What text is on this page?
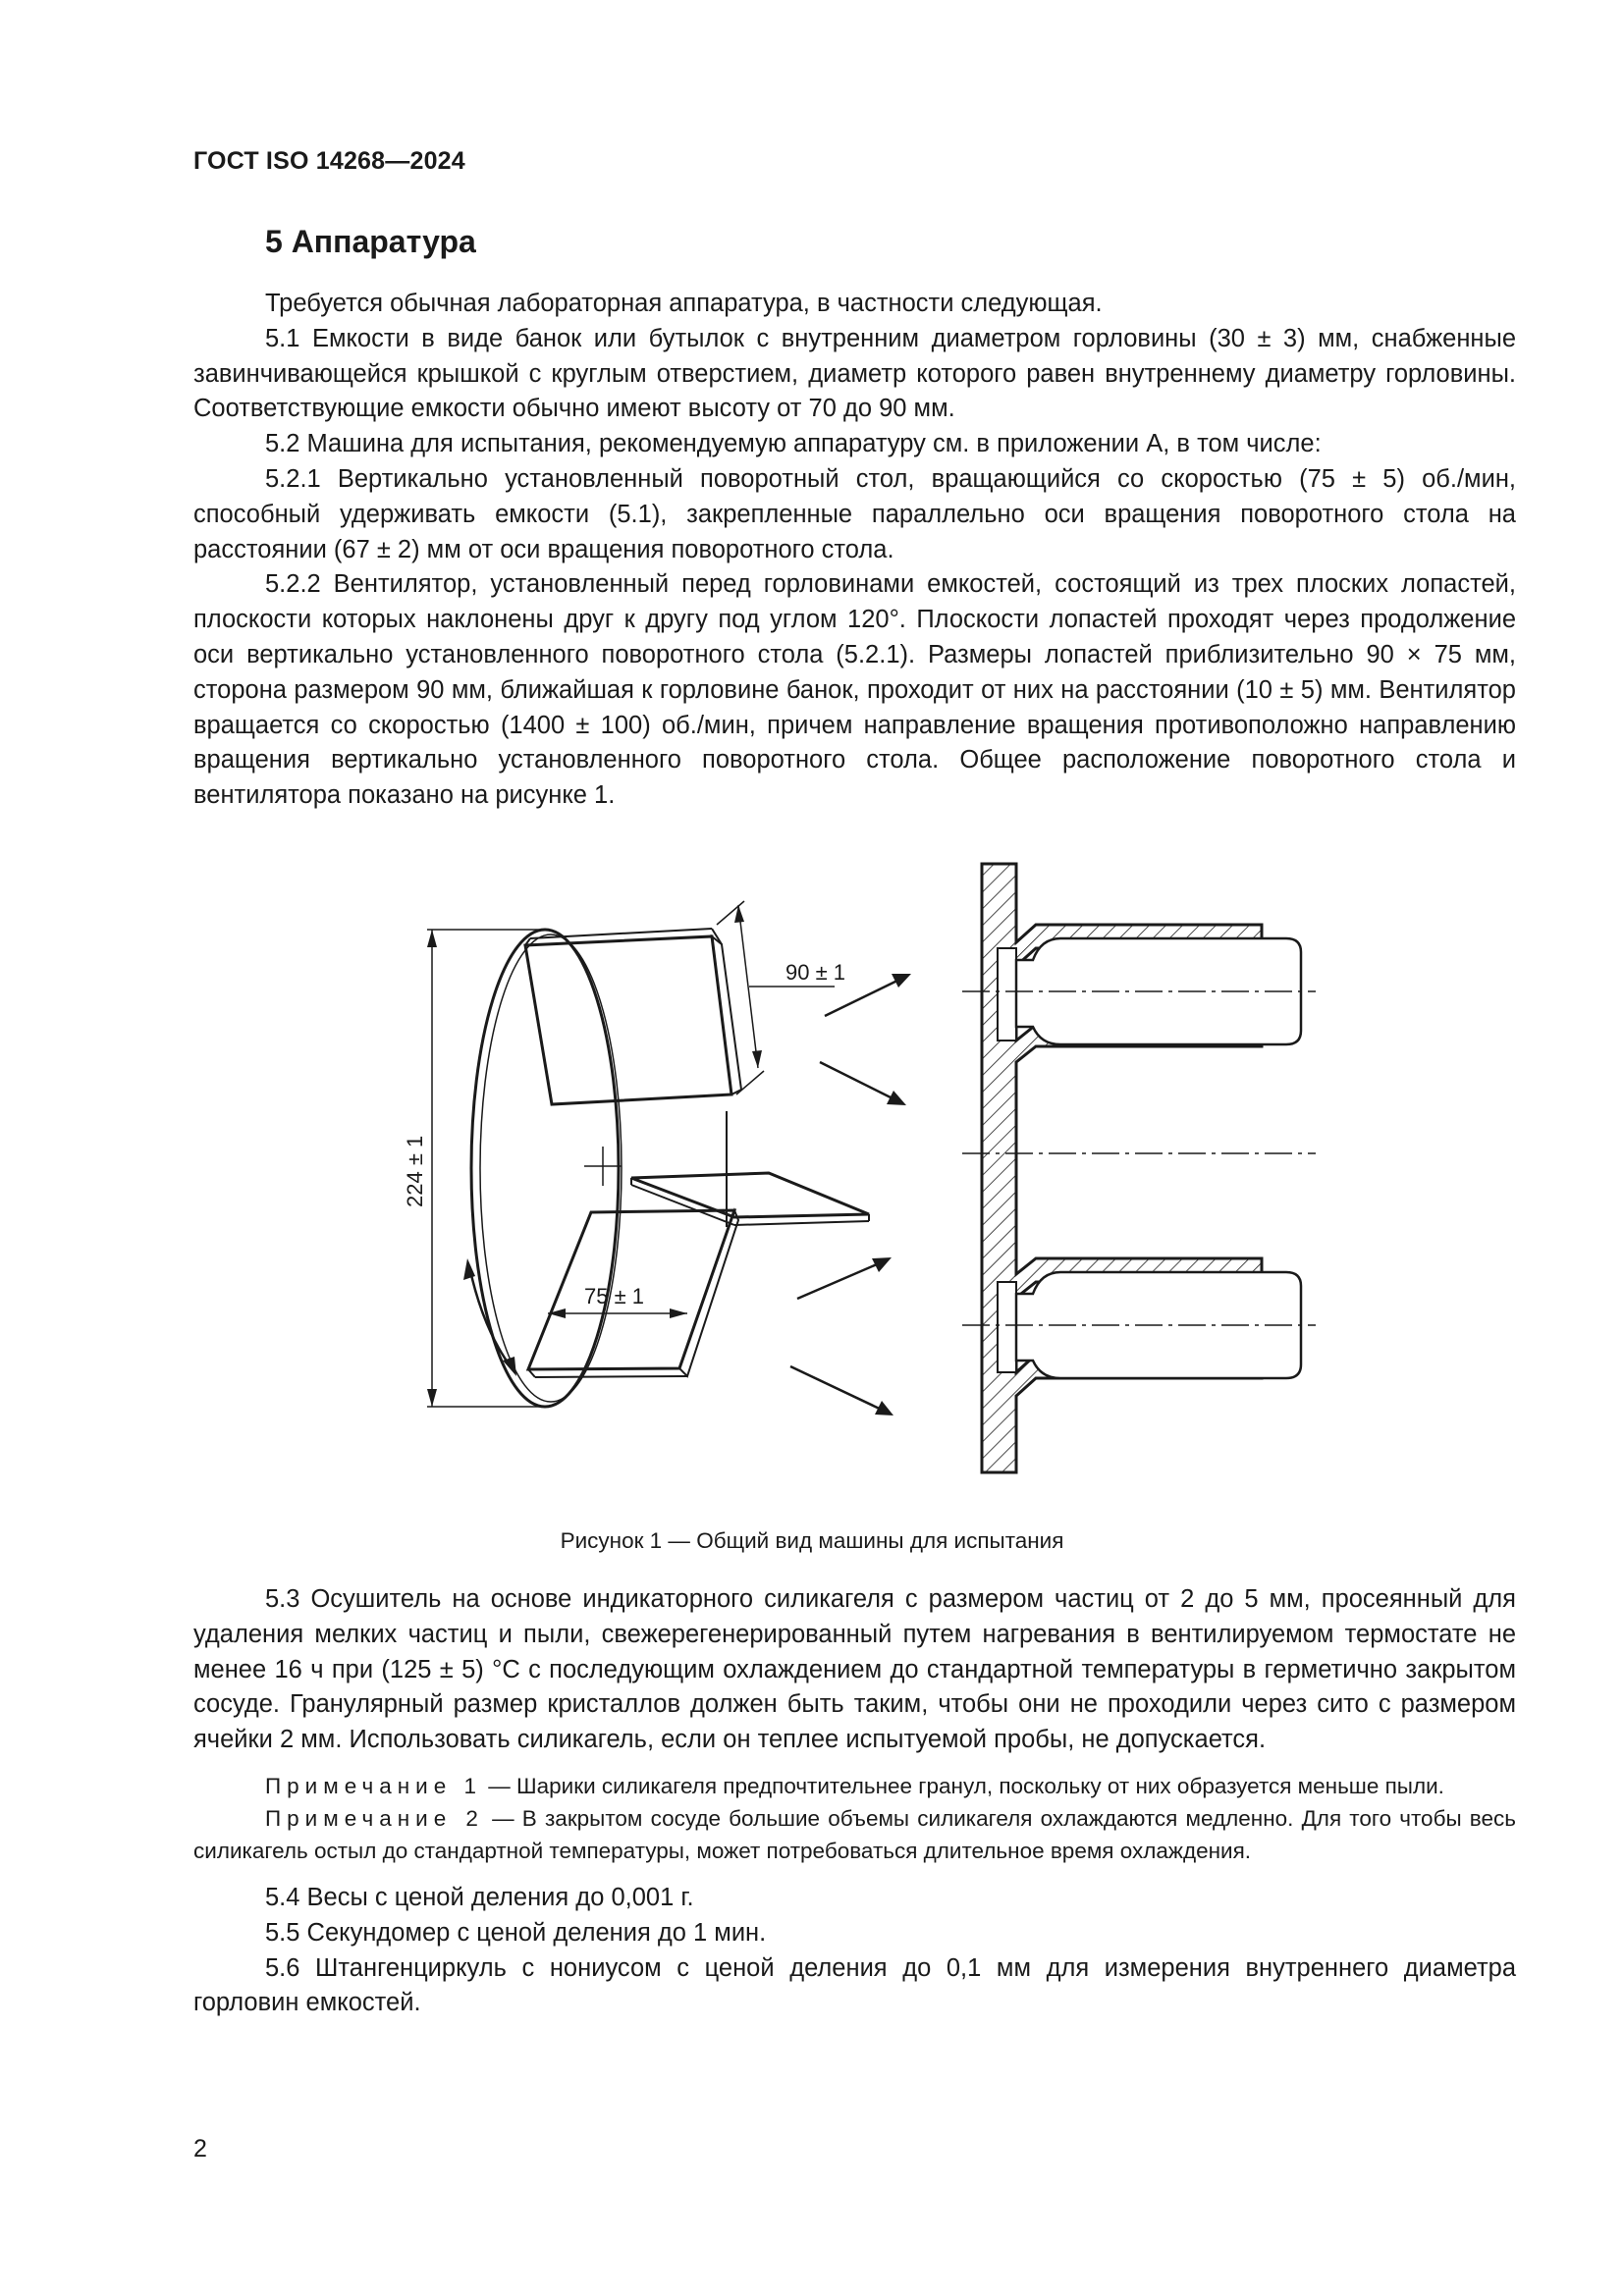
ГОСТ ISO 14268—2024
5 Аппаратура

Требуется обычная лабораторная аппаратура, в частности следующая.

5.1 Емкости в виде банок или бутылок с внутренним диаметром горловины (30 ± 3) мм, снабженные завинчивающейся крышкой с круглым отверстием, диаметр которого равен внутреннему диаметру горловины. Соответствующие емкости обычно имеют высоту от 70 до 90 мм.

5.2 Машина для испытания, рекомендуемую аппаратуру см. в приложении А, в том числе:

5.2.1 Вертикально установленный поворотный стол, вращающийся со скоростью (75 ± 5) об./мин, способный удерживать емкости (5.1), закрепленные параллельно оси вращения поворотного стола на расстоянии (67 ± 2) мм от оси вращения поворотного стола.

5.2.2 Вентилятор, установленный перед горловинами емкостей, состоящий из трех плоских лопастей, плоскости которых наклонены друг к другу под углом 120°. Плоскости лопастей проходят через продолжение оси вертикально установленного поворотного стола (5.2.1). Размеры лопастей приблизительно 90 × 75 мм, сторона размером 90 мм, ближайшая к горловине банок, проходит от них на расстоянии (10 ± 5) мм. Вентилятор вращается со скоростью (1400 ± 100) об./мин, причем направление вращения противоположно направлению вращения вертикально установленного поворотного стола. Общее расположение поворотного стола и вентилятора показано на рисунке 1.

224 ± 1
90 ± 1
75 ± 1
Рисунок 1 — Общий вид машины для испытания

5.3 Осушитель на основе индикаторного силикагеля с размером частиц от 2 до 5 мм, просеянный для удаления мелких частиц и пыли, свежерегенерированный путем нагревания в вентилируемом термостате не менее 16 ч при (125 ± 5) °С с последующим охлаждением до стандартной температуры в герметично закрытом сосуде. Гранулярный размер кристаллов должен быть таким, чтобы они не проходили через сито с размером ячейки 2 мм. Использовать силикагель, если он теплее испытуемой пробы, не допускается.

Примечание 1 — Шарики силикагеля предпочтительнее гранул, поскольку от них образуется меньше пыли.

Примечание 2 — В закрытом сосуде большие объемы силикагеля охлаждаются медленно. Для того чтобы весь силикагель остыл до стандартной температуры, может потребоваться длительное время охлаждения.

5.4 Весы с ценой деления до 0,001 г.

5.5 Секундомер с ценой деления до 1 мин.

5.6 Штангенциркуль с нониусом с ценой деления до 0,1 мм для измерения внутреннего диаметра горловин емкостей.

2
